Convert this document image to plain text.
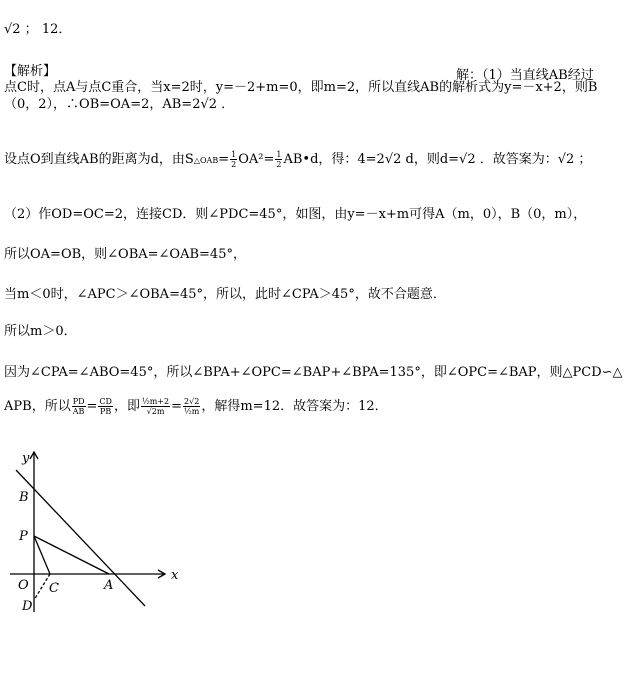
√2 ； 12．
【解析】	解：（1）当直线AB经过
点C时，点A与点C重合，当x=2时，y=－2+m=0，即m=2，所以直线AB的解析式为y=－x+2，则B
（0，2），∴OB=OA=2，AB=2√2 ．
设点O到直线AB的距离为d，由S△OAB= $\frac{1}{2} OA^2= \frac{1}{2}$ AB•d，得：4=2√2 d，则d=√2 ．故答案为：√2 ；
（2）作OD=OC=2，连接CD．则∠PDC=45°，如图，由y=－x+m可得A（m，0），B（0，m），
所以OA=OB，则∠OBA=∠OAB=45°，
当m＜0时，∠APC＞∠OBA=45°，所以，此时∠CPA＞45°，故不合题意．
所以m＞0．
因为∠CPA=∠ABO=45°，所以∠BPA+∠OPC=∠BAP+∠BPA=135°，即∠OPC=∠BAP，则△PCD∽△
APB，所以 $\frac{PD}{AB} = \frac{CD}{PB}$ ，即 $\frac{\text{½m+2}}{√2m} = \frac{2√2}{\text{½m}}$ ，解得m=12．故答案为：12．
y
x
B
P
O C	A
D
